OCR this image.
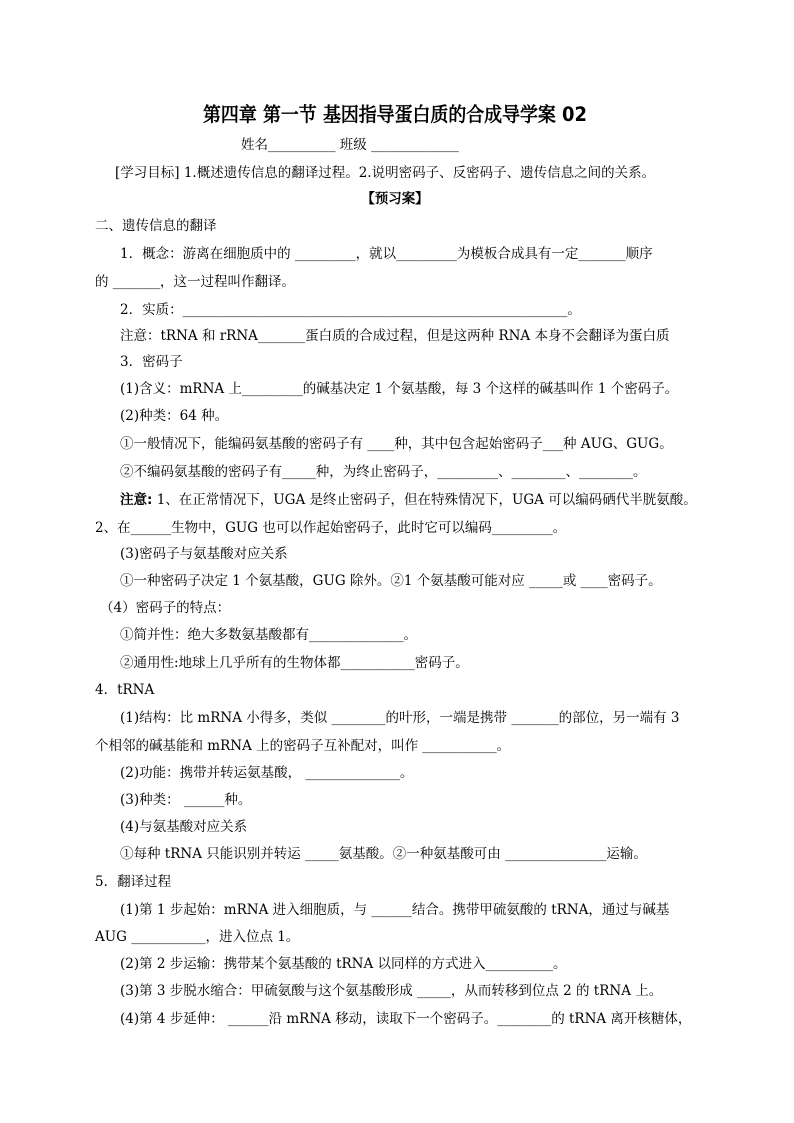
第四章 第一节 基因指导蛋白质的合成导学案 02
姓名__________ 班级 _____________
[学习目标] 1.概述遗传信息的翻译过程。2.说明密码子、反密码子、遗传信息之间的关系。
【预习案】
二、遗传信息的翻译
1．概念：游离在细胞质中的 _________，就以_________为模板合成具有一定_______顺序
的 _______，这一过程叫作翻译。
2．实质：_________________________________________________________。
注意：tRNA 和 rRNA_______蛋白质的合成过程，但是这两种 RNA 本身不会翻译为蛋白质
3．密码子
(1)含义：mRNA 上_________的碱基决定 1 个氨基酸，每 3 个这样的碱基叫作 1 个密码子。
(2)种类：64 种。
①一般情况下，能编码氨基酸的密码子有 ____种，其中包含起始密码子___种 AUG、GUG。
②不编码氨基酸的密码子有_____种，为终止密码子，_________、________、________。
注意: 1、在正常情况下，UGA 是终止密码子，但在特殊情况下，UGA 可以编码硒代半胱氨酸。
2、在______生物中，GUG 也可以作起始密码子，此时它可以编码_________。
(3)密码子与氨基酸对应关系
①一种密码子决定 1 个氨基酸，GUG 除外。②1 个氨基酸可能对应 _____或 ____密码子。
（4）密码子的特点：
①简并性：绝大多数氨基酸都有______________。
②通用性:地球上几乎所有的生物体都___________密码子。
4．tRNA
(1)结构：比 mRNA 小得多，类似 ________的叶形，一端是携带 _______的部位，另一端有 3
个相邻的碱基能和 mRNA 上的密码子互补配对，叫作 ___________。
(2)功能：携带并转运氨基酸， ______________。
(3)种类： ______种。
(4)与氨基酸对应关系
①每种 tRNA 只能识别并转运 _____氨基酸。②一种氨基酸可由 _______________运输。
5．翻译过程
(1)第 1 步起始：mRNA 进入细胞质，与 ______结合。携带甲硫氨酸的 tRNA，通过与碱基
AUG ___________，进入位点 1。
(2)第 2 步运输：携带某个氨基酸的 tRNA 以同样的方式进入__________。
(3)第 3 步脱水缩合：甲硫氨酸与这个氨基酸形成 _____，从而转移到位点 2 的 tRNA 上。
(4)第 4 步延伸： ______沿 mRNA 移动，读取下一个密码子。________的 tRNA 离开核糖体，
